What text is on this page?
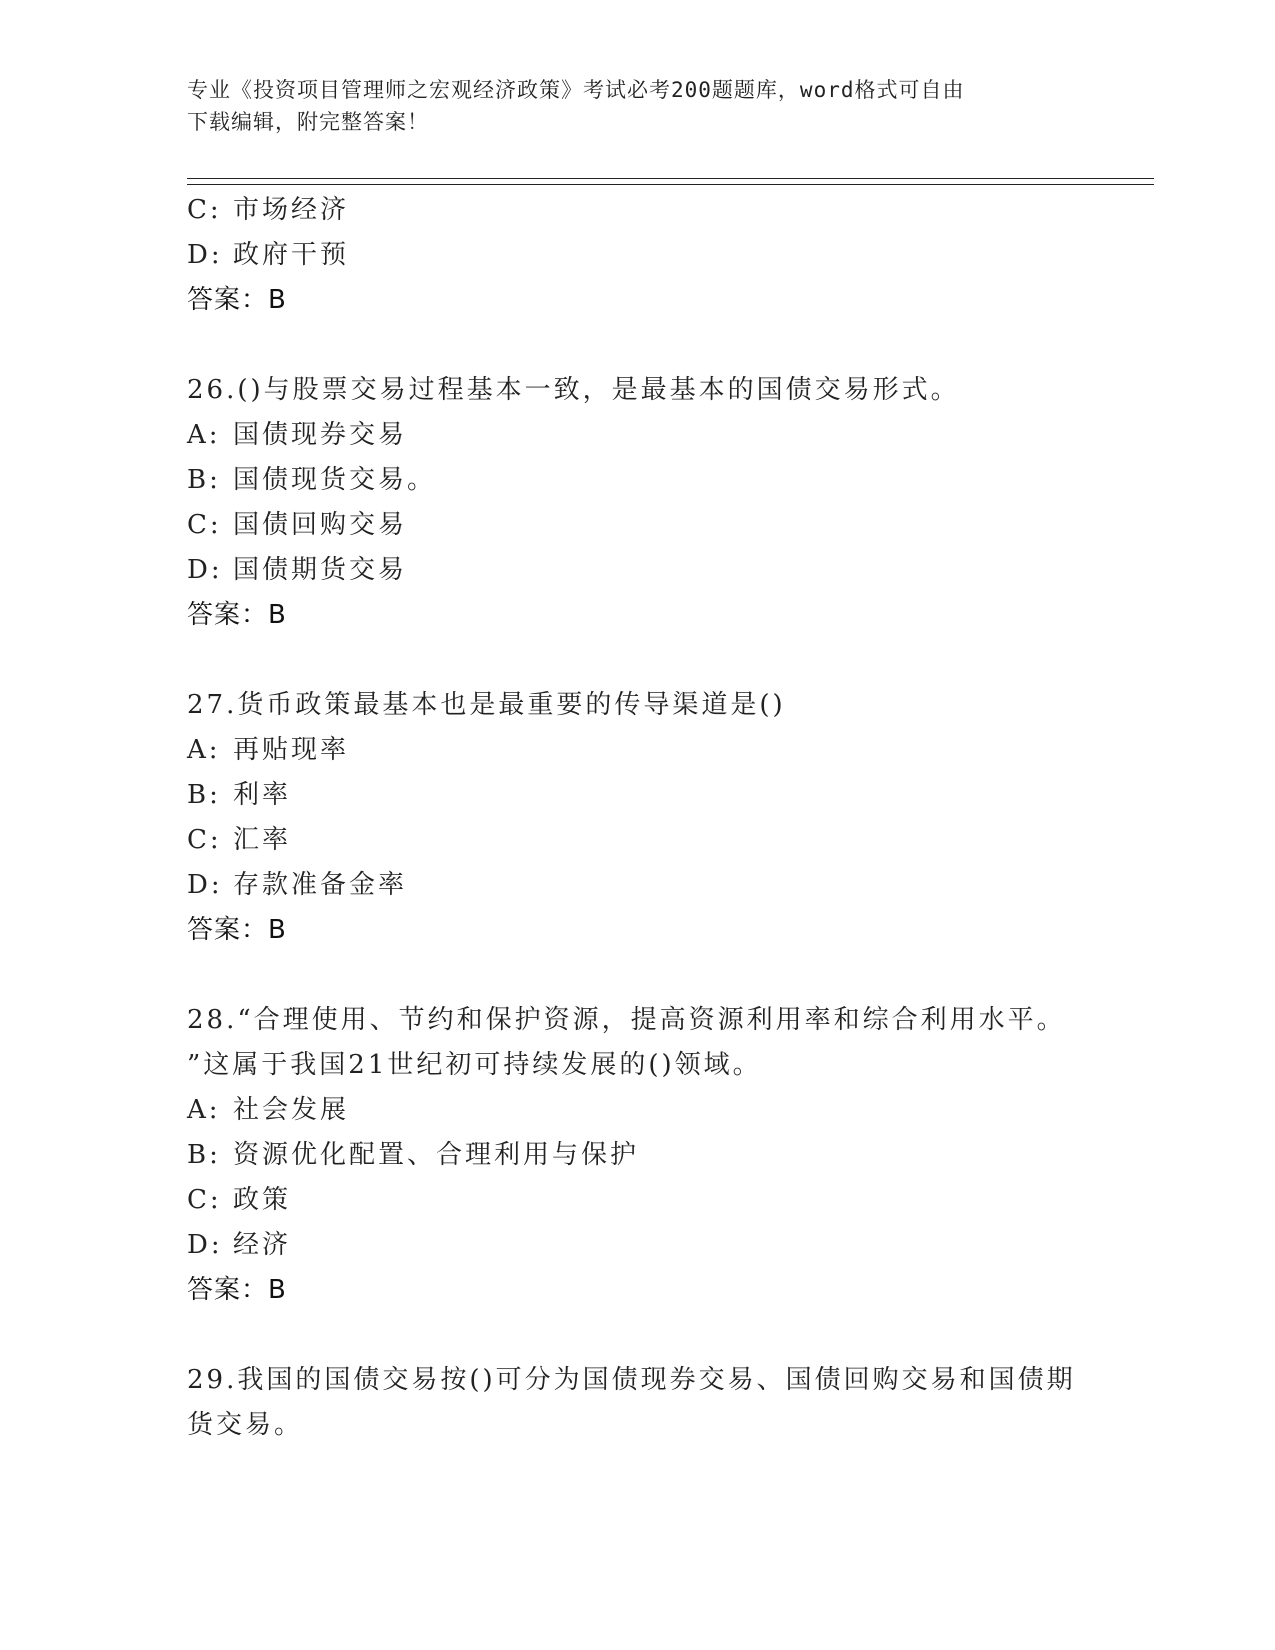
专业《投资项目管理师之宏观经济政策》考试必考200题题库，word格式可自由
下载编辑，附完整答案！
C: 市场经济
D: 政府干预
答案：B
26.()与股票交易过程基本一致，是最基本的国债交易形式。
A: 国债现券交易
B: 国债现货交易。
C: 国债回购交易
D: 国债期货交易
答案：B
27.货币政策最基本也是最重要的传导渠道是()
A: 再贴现率
B: 利率
C: 汇率
D: 存款准备金率
答案：B
28.“合理使用、节约和保护资源，提高资源利用率和综合利用水平。
”这属于我国21世纪初可持续发展的()领域。
A: 社会发展
B: 资源优化配置、合理利用与保护
C: 政策
D: 经济
答案：B
29.我国的国债交易按()可分为国债现券交易、国债回购交易和国债期
货交易。
